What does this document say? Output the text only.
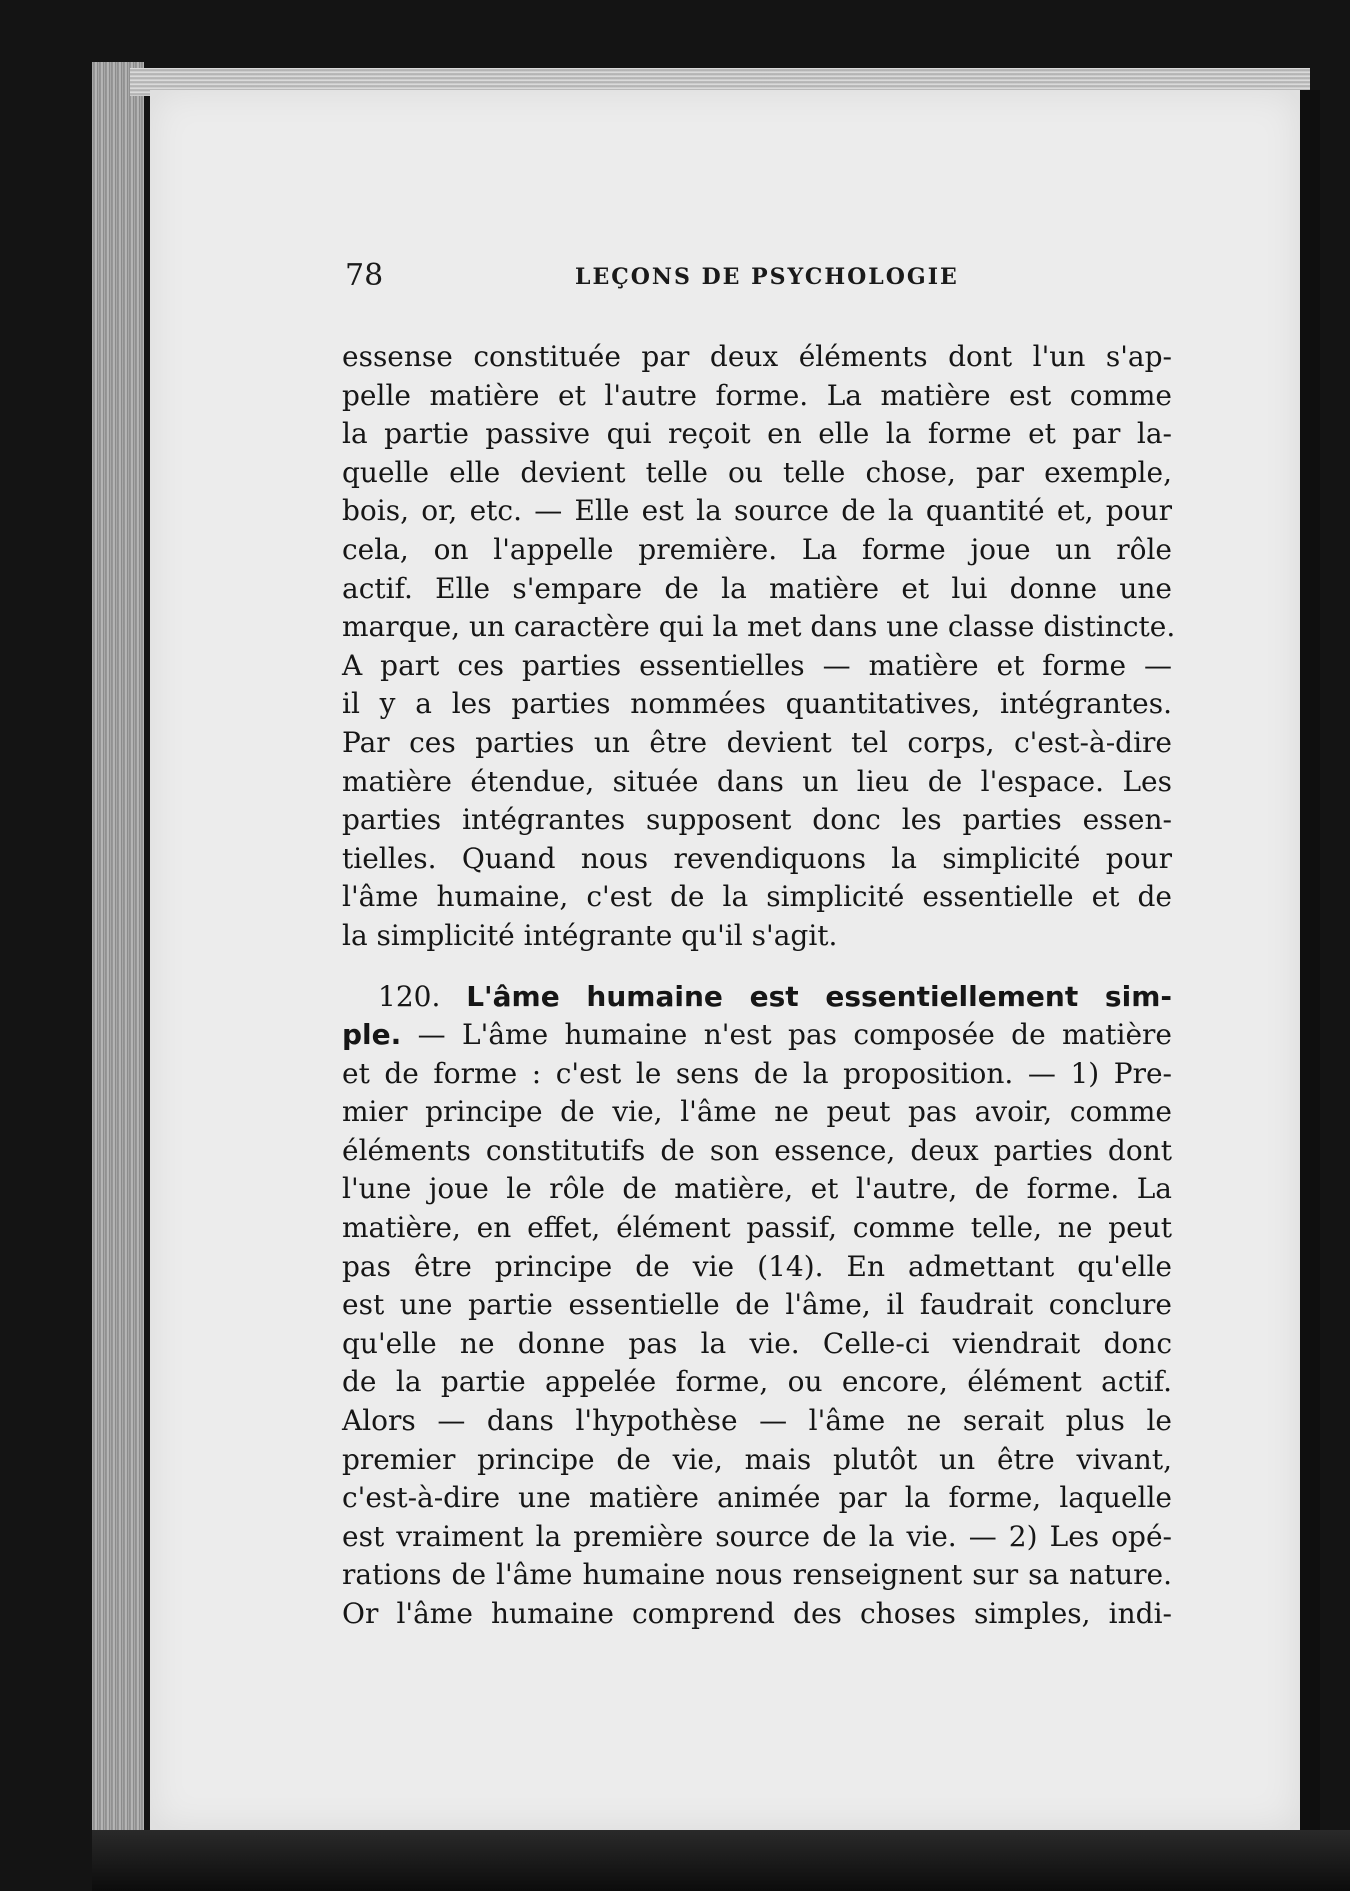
78	LEÇONS DE PSYCHOLOGIE
essense constituée par deux éléments dont l'un s'ap-
pelle matière et l'autre forme. La matière est comme
la partie passive qui reçoit en elle la forme et par la-
quelle elle devient telle ou telle chose, par exemple,
bois, or, etc. — Elle est la source de la quantité et, pour
cela, on l'appelle première. La forme joue un rôle
actif. Elle s'empare de la matière et lui donne une
marque, un caractère qui la met dans une classe distincte.
A part ces parties essentielles — matière et forme —
il y a les parties nommées quantitatives, intégrantes.
Par ces parties un être devient tel corps, c'est-à-dire
matière étendue, située dans un lieu de l'espace. Les
parties intégrantes supposent donc les parties essen-
tielles. Quand nous revendiquons la simplicité pour
l'âme humaine, c'est de la simplicité essentielle et de
la simplicité intégrante qu'il s'agit.
120. L'âme humaine est essentiellement sim-
ple. — L'âme humaine n'est pas composée de matière
et de forme : c'est le sens de la proposition. — 1) Pre-
mier principe de vie, l'âme ne peut pas avoir, comme
éléments constitutifs de son essence, deux parties dont
l'une joue le rôle de matière, et l'autre, de forme. La
matière, en effet, élément passif, comme telle, ne peut
pas être principe de vie (14). En admettant qu'elle
est une partie essentielle de l'âme, il faudrait conclure
qu'elle ne donne pas la vie. Celle-ci viendrait donc
de la partie appelée forme, ou encore, élément actif.
Alors — dans l'hypothèse — l'âme ne serait plus le
premier principe de vie, mais plutôt un être vivant,
c'est-à-dire une matière animée par la forme, laquelle
est vraiment la première source de la vie. — 2) Les opé-
rations de l'âme humaine nous renseignent sur sa nature.
Or l'âme humaine comprend des choses simples, indi-
